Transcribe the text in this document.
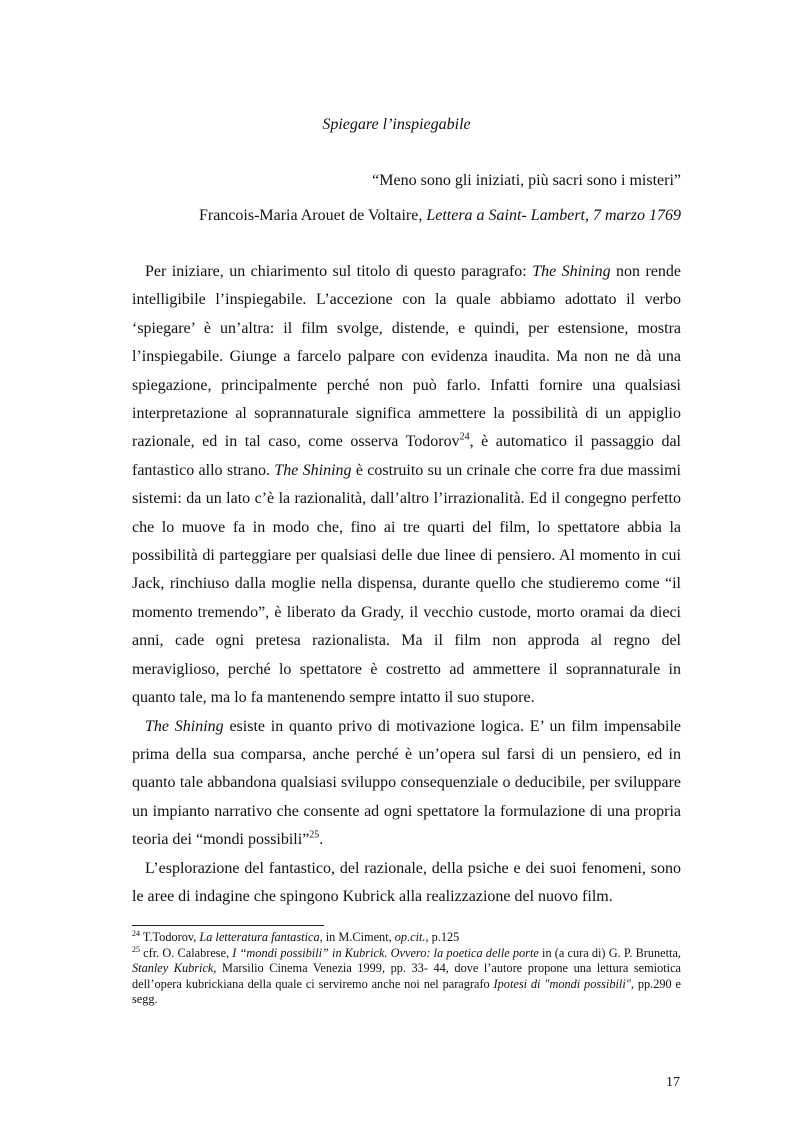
Spiegare l’inspiegabile
“Meno sono gli iniziati, più sacri sono i misteri”
Francois-Maria Arouet de Voltaire, Lettera a Saint- Lambert, 7 marzo 1769

Per iniziare, un chiarimento sul titolo di questo paragrafo: The Shining non rende intelligibile l’inspiegabile. L’accezione con la quale abbiamo adottato il verbo ‘spiegare’ è un’altra: il film svolge, distende, e quindi, per estensione, mostra l’inspiegabile. Giunge a farcelo palpare con evidenza inaudita. Ma non ne dà una spiegazione, principalmente perché non può farlo. Infatti fornire una qualsiasi interpretazione al soprannaturale significa ammettere la possibilità di un appiglio razionale, ed in tal caso, come osserva Todorov$^{24}$, è automatico il passaggio dal fantastico allo strano. The Shining è costruito su un crinale che corre fra due massimi sistemi: da un lato c’è la razionalità, dall’altro l’irrazionalità. Ed il congegno perfetto che lo muove fa in modo che, fino ai tre quarti del film, lo spettatore abbia la possibilità di parteggiare per qualsiasi delle due linee di pensiero. Al momento in cui Jack, rinchiuso dalla moglie nella dispensa, durante quello che studieremo come “il momento tremendo”, è liberato da Grady, il vecchio custode, morto oramai da dieci anni, cade ogni pretesa razionalista. Ma il film non approda al regno del meraviglioso, perché lo spettatore è costretto ad ammettere il soprannaturale in quanto tale, ma lo fa mantenendo sempre intatto il suo stupore.

The Shining esiste in quanto privo di motivazione logica. E’ un film impensabile prima della sua comparsa, anche perché è un’opera sul farsi di un pensiero, ed in quanto tale abbandona qualsiasi sviluppo consequenziale o deducibile, per sviluppare un impianto narrativo che consente ad ogni spettatore la formulazione di una propria teoria dei “mondi possibili”$^{25}$.

L’esplorazione del fantastico, del razionale, della psiche e dei suoi fenomeni, sono le aree di indagine che spingono Kubrick alla realizzazione del nuovo film.

$^{24}$ T.Todorov, La letteratura fantastica, in M.Ciment, op.cit., p.125

$^{25}$ cfr. O. Calabrese, I “mondi possibili” in Kubrick. Ovvero: la poetica delle porte in (a cura di) G. P. Brunetta, Stanley Kubrick, Marsilio Cinema Venezia 1999, pp. 33- 44, dove l’autore propone una lettura semiotica dell’opera kubrickiana della quale ci serviremo anche noi nel paragrafo Ipotesi di "mondi possibili", pp.290 e segg.

17
